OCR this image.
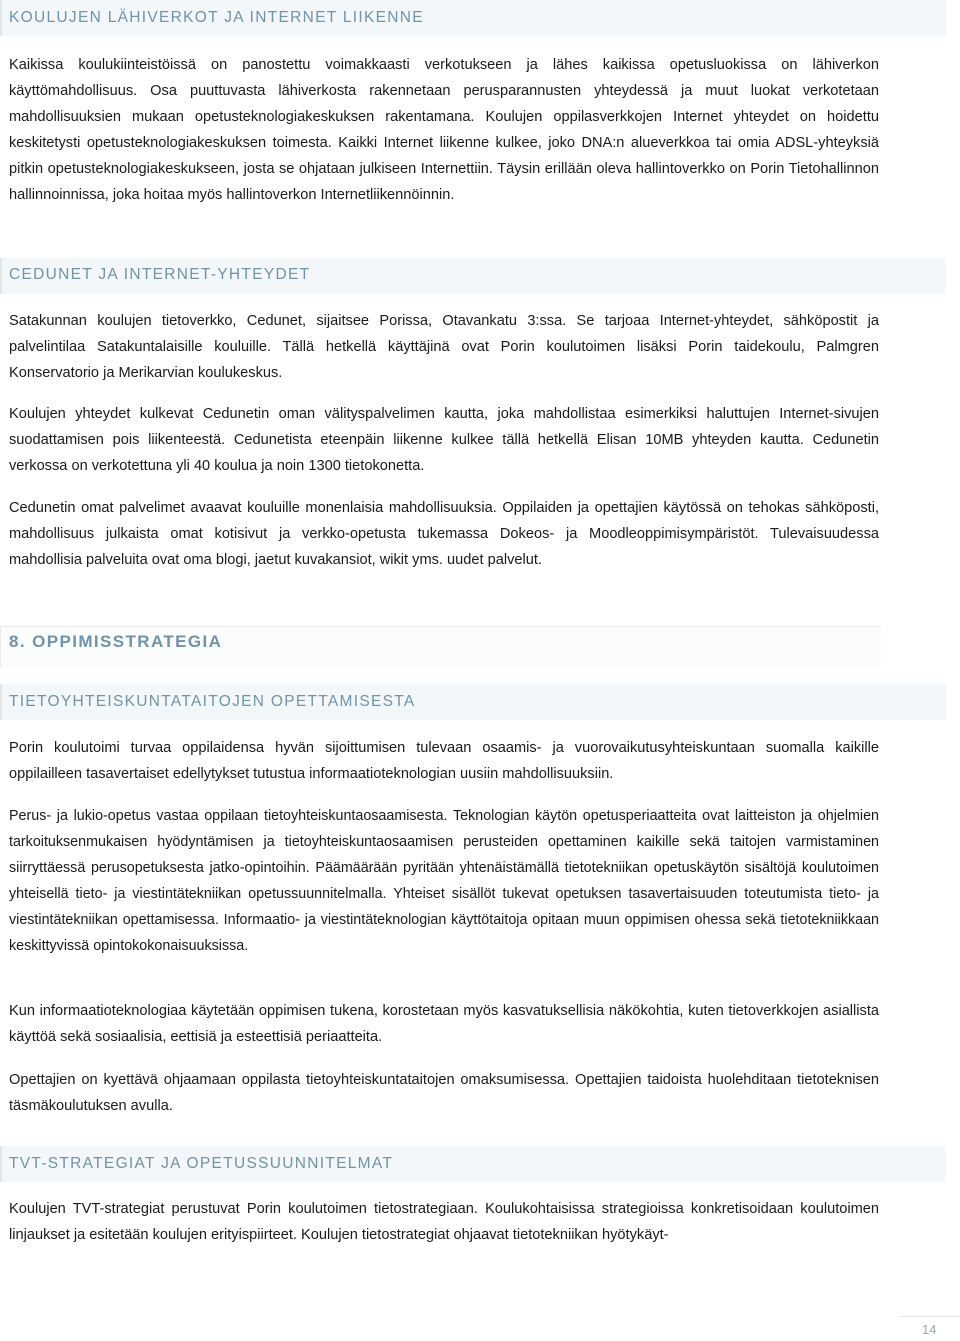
KOULUJEN LÄHIVERKOT JA INTERNET LIIKENNE

Kaikissa koulukiinteistöissä on panostettu voimakkaasti verkotukseen ja lähes kaikissa opetusluokissa on lähiverkon käyttömahdollisuus. Osa puuttuvasta lähiverkosta rakennetaan perusparannusten yhteydessä ja muut luokat verkotetaan mahdollisuuksien mukaan opetusteknologiakeskuksen rakentamana. Koulujen oppilasverkkojen Internet yhteydet on hoidettu keskitetysti opetusteknologiakeskuksen toimesta. Kaikki Internet liikenne kulkee, joko DNA:n alueverkkoa tai omia ADSL-yhteyksiä pitkin opetusteknologiakeskukseen, josta se ohjataan julkiseen Internettiin. Täysin erillään oleva hallintoverkko on Porin Tietohallinnon hallinnoinnissa, joka hoitaa myös hallintoverkon Internetliikennöinnin.

CEDUNET JA INTERNET-YHTEYDET

Satakunnan koulujen tietoverkko, Cedunet, sijaitsee Porissa, Otavankatu 3:ssa. Se tarjoaa Internet-yhteydet, sähköpostit ja palvelintilaa Satakuntalaisille kouluille. Tällä hetkellä käyttäjinä ovat Porin koulutoimen lisäksi Porin taidekoulu, Palmgren Konservatorio ja Merikarvian koulukeskus.

Koulujen yhteydet kulkevat Cedunetin oman välityspalvelimen kautta, joka mahdollistaa esimerkiksi haluttujen Internet-sivujen suodattamisen pois liikenteestä. Cedunetista eteenpäin liikenne kulkee tällä hetkellä Elisan 10MB yhteyden kautta. Cedunetin verkossa on verkotettuna yli 40 koulua ja noin 1300 tietokonetta.

Cedunetin omat palvelimet avaavat kouluille monenlaisia mahdollisuuksia. Oppilaiden ja opettajien käytössä on tehokas sähköposti, mahdollisuus julkaista omat kotisivut ja verkko-opetusta tukemassa Dokeos- ja Moodleoppimisympäristöt. Tulevaisuudessa mahdollisia palveluita ovat oma blogi, jaetut kuvakansiot, wikit yms. uudet palvelut.

8. OPPIMISSTRATEGIA
TIETOYHTEISKUNTATAITOJEN OPETTAMISESTA

Porin koulutoimi turvaa oppilaidensa hyvän sijoittumisen tulevaan osaamis- ja vuorovaikutusyhteiskuntaan suomalla kaikille oppilailleen tasavertaiset edellytykset tutustua informaatioteknologian uusiin mahdollisuuksiin.

Perus- ja lukio-opetus vastaa oppilaan tietoyhteiskuntaosaamisesta. Teknologian käytön opetusperiaatteita ovat laitteiston ja ohjelmien tarkoituksenmukaisen hyödyntämisen ja tietoyhteiskuntaosaamisen perusteiden opettaminen kaikille sekä taitojen varmistaminen siirryttäessä perusopetuksesta jatko-opintoihin. Päämäärään pyritään yhtenäistämällä tietotekniikan opetuskäytön sisältöjä koulutoimen yhteisellä tieto- ja viestintätekniikan opetussuunnitelmalla. Yhteiset sisällöt tukevat opetuksen tasavertaisuuden toteutumista tieto- ja viestintätekniikan opettamisessa. Informaatio- ja viestintäteknologian käyttötaitoja opitaan muun oppimisen ohessa sekä tietotekniikkaan keskittyvissä opintokokonaisuuksissa.

Kun informaatioteknologiaa käytetään oppimisen tukena, korostetaan myös kasvatuksellisia näkökohtia, kuten tietoverkkojen asiallista käyttöä sekä sosiaalisia, eettisiä ja esteettisiä periaatteita.

Opettajien on kyettävä ohjaamaan oppilasta tietoyhteiskuntataitojen omaksumisessa. Opettajien taidoista huolehditaan tietoteknisen täsmäkoulutuksen avulla.

TVT-STRATEGIAT JA OPETUSSUUNNITELMAT

Koulujen TVT-strategiat perustuvat Porin koulutoimen tietostrategiaan. Koulukohtaisissa strategioissa konkretisoidaan koulutoimen linjaukset ja esitetään koulujen erityispiirteet. Koulujen tietostrategiat ohjaavat tietotekniikan hyötykäyt-

14
